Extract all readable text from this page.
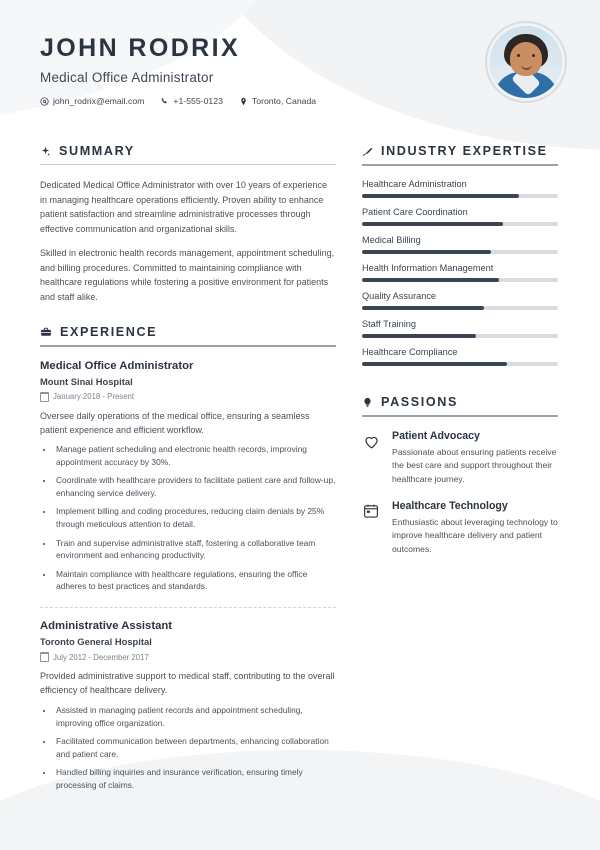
JOHN RODRIX
Medical Office Administrator
john_rodrix@email.com	+1-555-0123	Toronto, Canada
SUMMARY

Dedicated Medical Office Administrator with over 10 years of experience in managing healthcare operations efficiently. Proven ability to enhance patient satisfaction and streamline administrative processes through effective communication and organizational skills.

Skilled in electronic health records management, appointment scheduling, and billing procedures. Committed to maintaining compliance with healthcare regulations while fostering a positive environment for patients and staff alike.

EXPERIENCE
Medical Office Administrator
Mount Sinai Hospital
January 2018 - Present

Oversee daily operations of the medical office, ensuring a seamless patient experience and efficient workflow.

• Manage patient scheduling and electronic health records, improving appointment accuracy by 30%.
• Coordinate with healthcare providers to facilitate patient care and follow-up, enhancing service delivery.
• Implement billing and coding procedures, reducing claim denials by 25% through meticulous attention to detail.
• Train and supervise administrative staff, fostering a collaborative team environment and enhancing productivity.
• Maintain compliance with healthcare regulations, ensuring the office adheres to best practices and standards.
Administrative Assistant
Toronto General Hospital
July 2012 - December 2017

Provided administrative support to medical staff, contributing to the overall efficiency of healthcare delivery.

• Assisted in managing patient records and appointment scheduling, improving office organization.
• Facilitated communication between departments, enhancing collaboration and patient care.
• Handled billing inquiries and insurance verification, ensuring timely processing of claims.
INDUSTRY EXPERTISE
Healthcare Administration
Patient Care Coordination
Medical Billing
Health Information Management
Quality Assurance
Staff Training
Healthcare Compliance
PASSIONS
Patient Advocacy

Passionate about ensuring patients receive the best care and support throughout their healthcare journey.

Healthcare Technology

Enthusiastic about leveraging technology to improve healthcare delivery and patient outcomes.
